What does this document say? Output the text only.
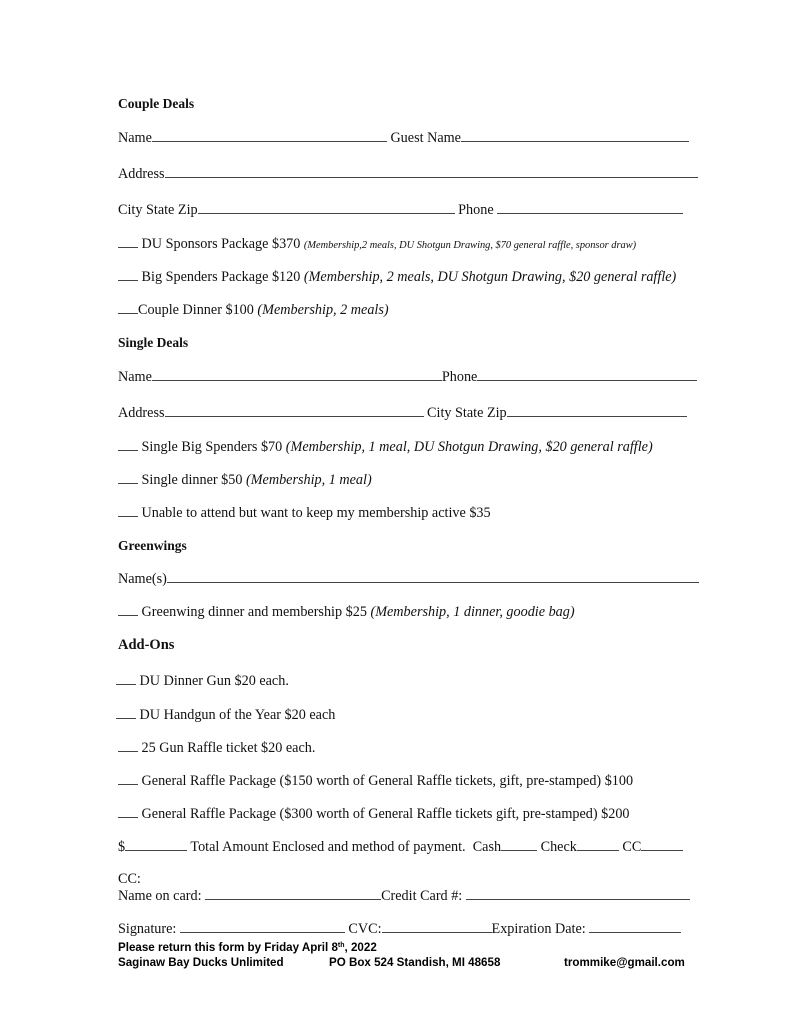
Couple Deals
Name	Guest Name
Address
City State Zip	Phone
DU Sponsors Package $370 (Membership,2 meals, DU Shotgun Drawing, $70 general raffle, sponsor draw)
Big Spenders Package $120 (Membership, 2 meals, DU Shotgun Drawing, $20 general raffle)
Couple Dinner $100 (Membership, 2 meals)
Single Deals
Name	Phone
Address	City State Zip
Single Big Spenders $70 (Membership, 1 meal, DU Shotgun Drawing, $20 general raffle)
Single dinner $50 (Membership, 1 meal)
Unable to attend but want to keep my membership active $35
Greenwings
Name(s)
Greenwing dinner and membership $25 (Membership, 1 dinner, goodie bag)
Add-Ons
DU Dinner Gun $20 each.
DU Handgun of the Year $20 each
25 Gun Raffle ticket $20 each.
General Raffle Package ($150 worth of General Raffle tickets, gift, pre-stamped) $100
General Raffle Package ($300 worth of General Raffle tickets gift, pre-stamped) $200
$	Total Amount Enclosed and method of payment. Cash	Check	CC
CC:
Name on card:	Credit Card #:
Signature:	CVC:	Expiration Date:
Please return this form by Friday April 8th, 2022
Saginaw Bay Ducks Unlimited	PO Box 524 Standish, MI 48658	trommike@gmail.com
